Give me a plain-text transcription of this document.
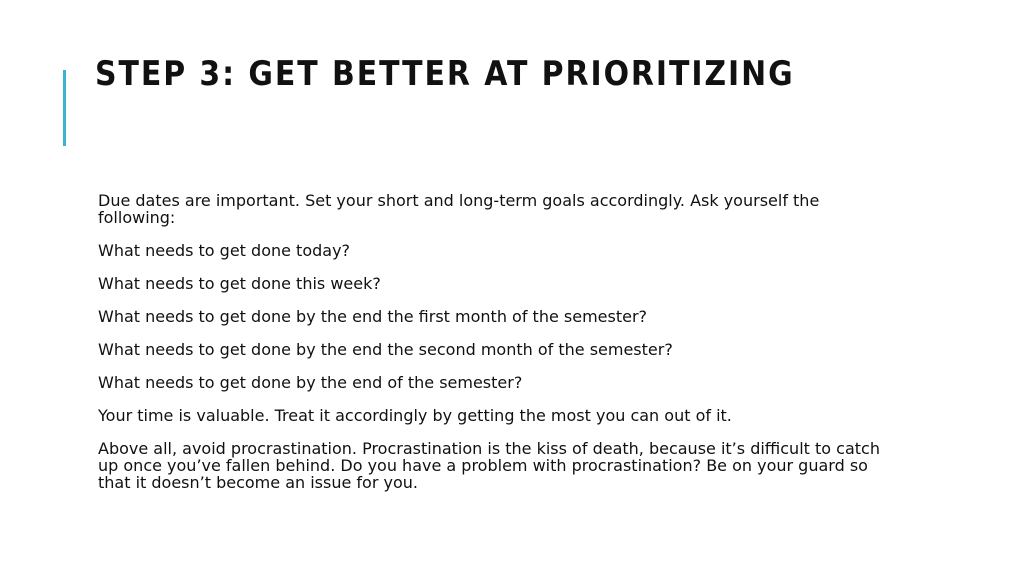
STEP 3: GET BETTER AT PRIORITIZING

Due dates are important. Set your short and long-term goals accordingly. Ask yourself the following:

What needs to get done today?

What needs to get done this week?

What needs to get done by the end the first month of the semester?

What needs to get done by the end the second month of the semester?

What needs to get done by the end of the semester?

Your time is valuable. Treat it accordingly by getting the most you can out of it.

Above all, avoid procrastination. Procrastination is the kiss of death, because it’s difficult to catch up once you’ve fallen behind. Do you have a problem with procrastination? Be on your guard so that it doesn’t become an issue for you.
